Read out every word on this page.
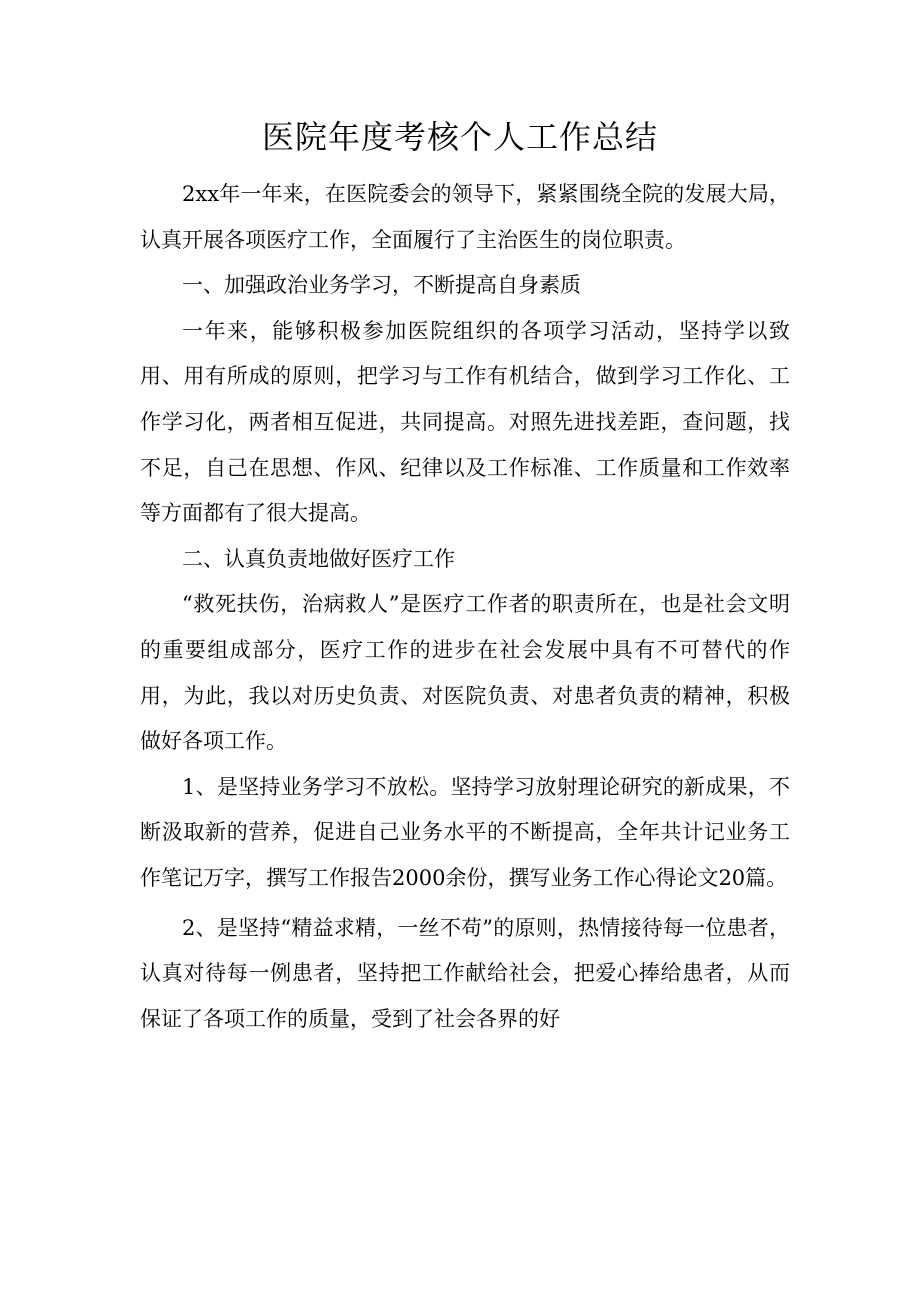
医院年度考核个人工作总结

2xx年一年来，在医院委会的领导下，紧紧围绕全院的发展大局，认真开展各项医疗工作，全面履行了主治医生的岗位职责。

一、加强政治业务学习，不断提高自身素质

一年来，能够积极参加医院组织的各项学习活动，坚持学以致用、用有所成的原则，把学习与工作有机结合，做到学习工作化、工作学习化，两者相互促进，共同提高。对照先进找差距，查问题，找不足，自己在思想、作风、纪律以及工作标准、工作质量和工作效率等方面都有了很大提高。

二、认真负责地做好医疗工作

“救死扶伤，治病救人”是医疗工作者的职责所在，也是社会文明的重要组成部分，医疗工作的进步在社会发展中具有不可替代的作用，为此，我以对历史负责、对医院负责、对患者负责的精神，积极做好各项工作。

1、是坚持业务学习不放松。坚持学习放射理论研究的新成果，不断汲取新的营养，促进自己业务水平的不断提高，全年共计记业务工作笔记万字，撰写工作报告2000余份，撰写业务工作心得论文20篇。

2、是坚持“精益求精，一丝不苟”的原则，热情接待每一位患者，认真对待每一例患者，坚持把工作献给社会，把爱心捧给患者，从而保证了各项工作的质量，受到了社会各界的好
